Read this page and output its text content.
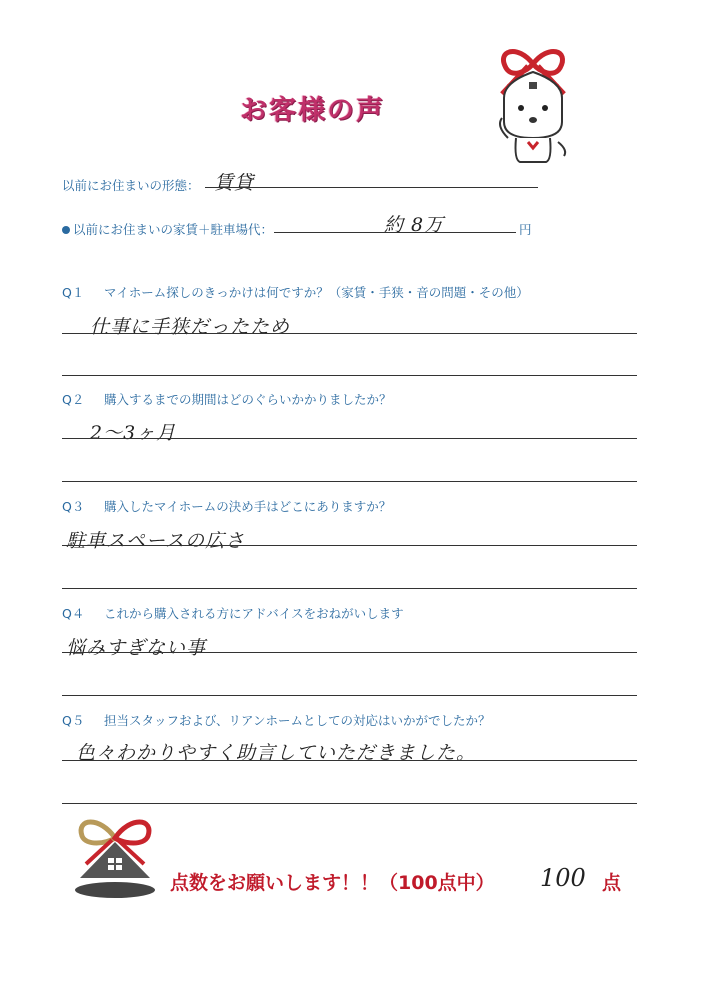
お客様の声
以前にお住まいの形態： 賃貸
以前にお住まいの家賃＋駐車場代：	約 8万	円
Q１ マイホーム探しのきっかけは何ですか？（家賃・手狭・音の問題・その他）
仕事に手狭だったため
Q２ 購入するまでの期間はどのぐらいかかりましたか？
2〜3ヶ月
Q３ 購入したマイホームの決め手はどこにありますか？
駐車スペースの広さ
Q４ これから購入される方にアドバイスをおねがいします
悩みすぎない事
Q５ 担当スタッフおよび、リアンホームとしての対応はいかがでしたか？
色々わかりやすく助言していただきました。
点数をお願いします！！（100点中） 100 点
